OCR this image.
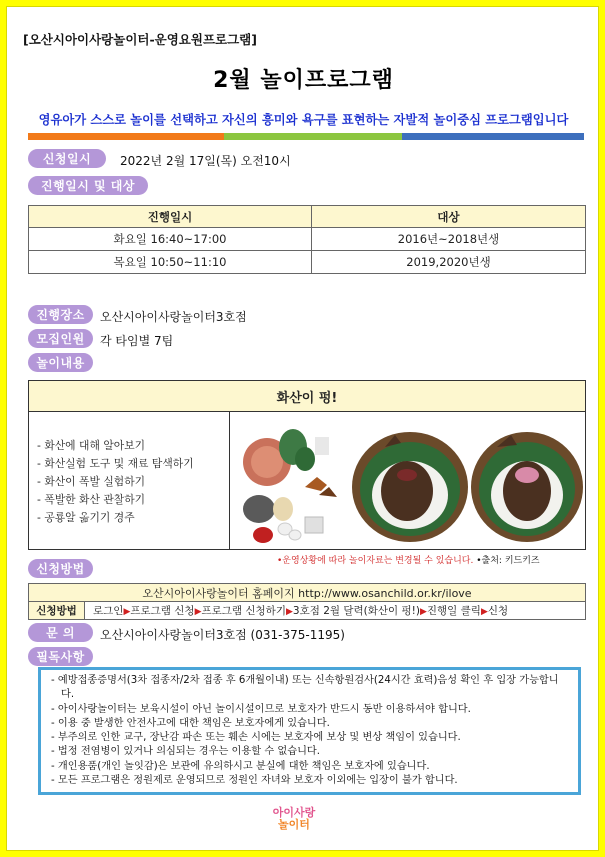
[오산시아이사랑놀이터-운영요원프로그램]
2월 놀이프로그램
영유아가 스스로 놀이를 선택하고 자신의 흥미와 욕구를 표현하는 자발적 놀이중심 프로그램입니다
신청일시	2022년 2월 17일(목) 오전10시
진행일시 및 대상
진행일시	대상
화요일 16:40~17:00	2016년~2018년생
목요일 10:50~11:10	2019,2020년생
진행장소	오산시아이사랑놀이터3호점
모집인원	각 타임별 7팀
놀이내용
화산이 펑!
- 화산에 대해 알아보기
- 화산실험 도구 및 재료 탐색하기
- 화산이 폭발 실험하기
- 폭발한 화산 관찰하기
- 공룡알 옮기기 경주
•운영상황에 따라 놀이자료는 변경될 수 있습니다. •출처: 키드키즈
신청방법
오산시아이사랑놀이터 홈페이지 http://www.osanchild.or.kr/ilove
신청방법	로그인▶프로그램 신청▶프로그램 신청하기▶3호점 2월 달력(화산이 펑!)▶진행일 클릭▶신청
문 의	오산시아이사랑놀이터3호점 (031-375-1195)
필독사항
- 예방접종증명서(3차 접종자/2차 접종 후 6개월이내) 또는 신속항원검사(24시간 효력)음성 확인 후 입장 가능합니다.
- 아이사랑놀이터는 보육시설이 아닌 놀이시설이므로 보호자가 반드시 동반 이용하셔야 합니다.
- 이용 중 발생한 안전사고에 대한 책임은 보호자에게 있습니다.
- 부주의로 인한 교구, 장난감 파손 또는 훼손 시에는 보호자에 보상 및 변상 책임이 있습니다.
- 법정 전염병이 있거나 의심되는 경우는 이용할 수 없습니다.
- 개인용품(개인 놀잇감)은 보관에 유의하시고 분실에 대한 책임은 보호자에 있습니다.
- 모든 프로그램은 정원제로 운영되므로 정원인 자녀와 보호자 이외에는 입장이 불가 합니다.
아이사랑
놀이터
